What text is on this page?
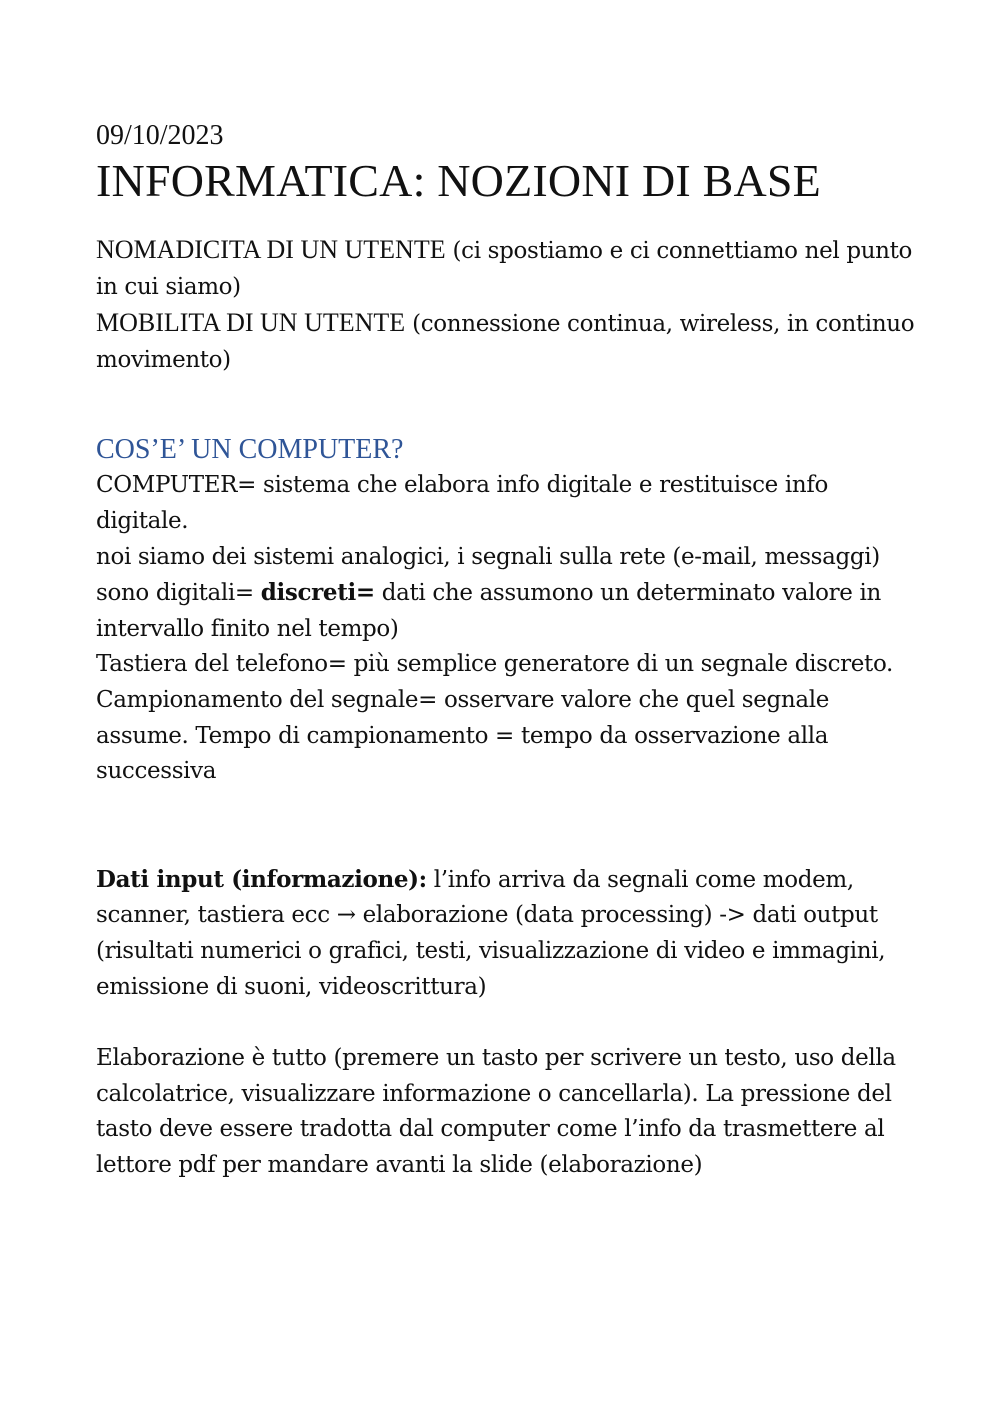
09/10/2023

INFORMATICA: NOZIONI DI BASE

NOMADICITA DI UN UTENTE (ci spostiamo e ci connettiamo nel punto in cui siamo)
MOBILITA DI UN UTENTE (connessione continua, wireless, in continuo movimento)

COS’E’ UN COMPUTER?

COMPUTER= sistema che elabora info digitale e restituisce info digitale.

noi siamo dei sistemi analogici, i segnali sulla rete (e-mail, messaggi) sono digitali= discreti= dati che assumono un determinato valore in intervallo finito nel tempo)

Tastiera del telefono= più semplice generatore di un segnale discreto.

Campionamento del segnale= osservare valore che quel segnale assume. Tempo di campionamento = tempo da osservazione alla successiva

Dati input (informazione): l’info arriva da segnali come modem, scanner, tastiera ecc → elaborazione (data processing) -> dati output (risultati numerici o grafici, testi, visualizzazione di video e immagini, emissione di suoni, videoscrittura)

Elaborazione è tutto (premere un tasto per scrivere un testo, uso della calcolatrice, visualizzare informazione o cancellarla). La pressione del tasto deve essere tradotta dal computer come l’info da trasmettere al lettore pdf per mandare avanti la slide (elaborazione)
